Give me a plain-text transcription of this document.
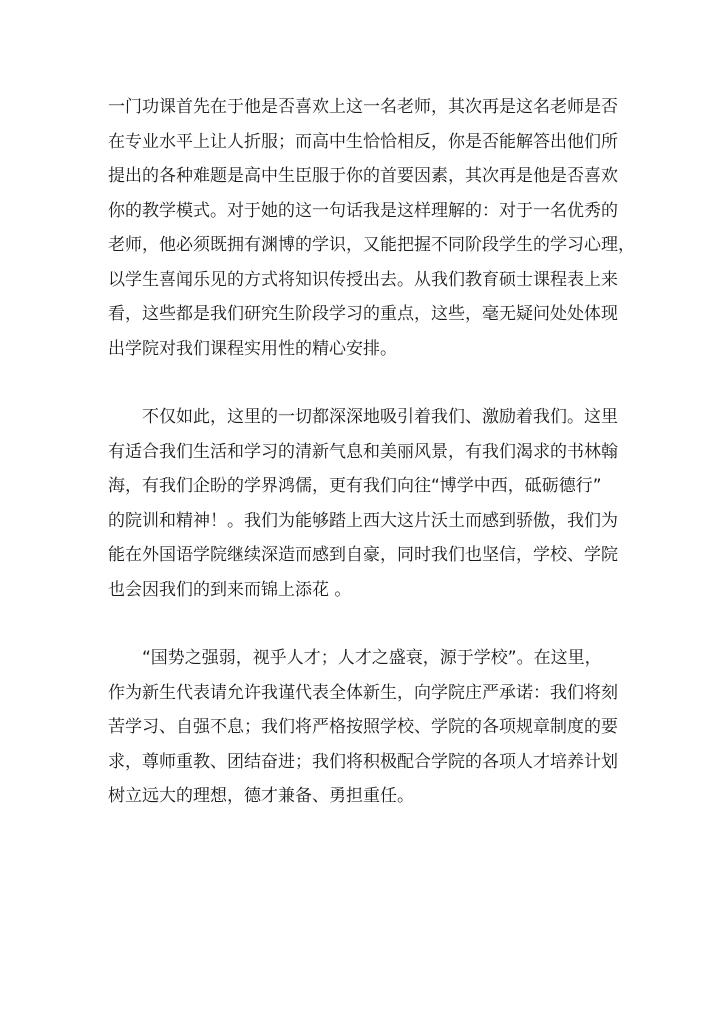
一门功课首先在于他是否喜欢上这一名老师，其次再是这名老师是否
在专业水平上让人折服；而高中生恰恰相反，你是否能解答出他们所
提出的各种难题是高中生臣服于你的首要因素，其次再是他是否喜欢
你的教学模式。对于她的这一句话我是这样理解的：对于一名优秀的
老师，他必须既拥有渊博的学识，又能把握不同阶段学生的学习心理，
以学生喜闻乐见的方式将知识传授出去。从我们教育硕士课程表上来
看，这些都是我们研究生阶段学习的重点，这些，毫无疑问处处体现
出学院对我们课程实用性的精心安排。
　　不仅如此，这里的一切都深深地吸引着我们、激励着我们。这里
有适合我们生活和学习的清新气息和美丽风景，有我们渴求的书林翰
海，有我们企盼的学界鸿儒，更有我们向往“博学中西，砥砺德行”
的院训和精神！。我们为能够踏上西大这片沃土而感到骄傲，我们为
能在外国语学院继续深造而感到自豪，同时我们也坚信，学校、学院
也会因我们的到来而锦上添花 。
　　“国势之强弱，视乎人才；人才之盛衰，源于学校”。在这里，
作为新生代表请允许我谨代表全体新生，向学院庄严承诺：我们将刻
苦学习、自强不息；我们将严格按照学校、学院的各项规章制度的要
求，尊师重教、团结奋进；我们将积极配合学院的各项人才培养计划
树立远大的理想，德才兼备、勇担重任。
